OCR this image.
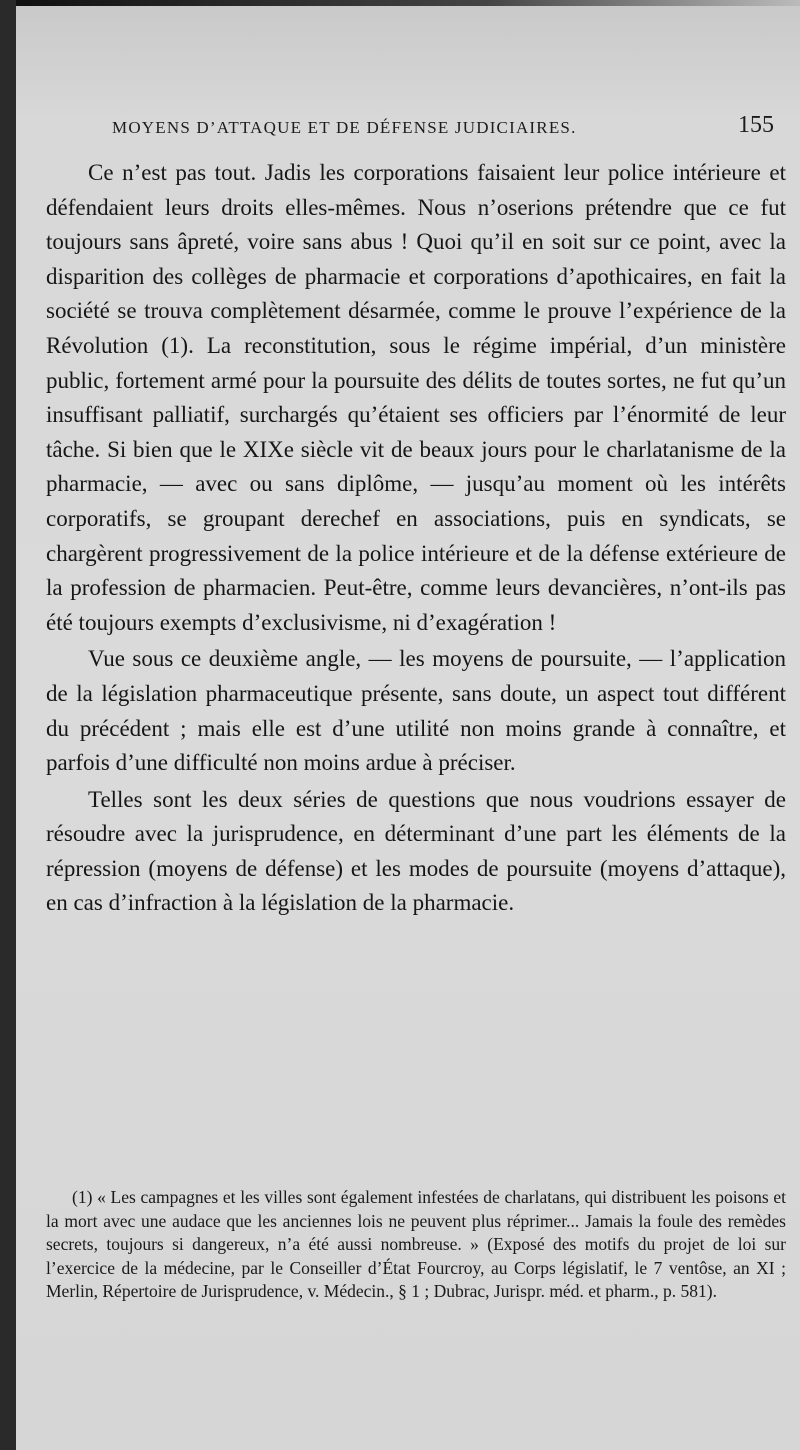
MOYENS D’ATTAQUE ET DE DÉFENSE JUDICIAIRES.	155

Ce n’est pas tout. Jadis les corporations faisaient leur police intérieure et défendaient leurs droits elles-mêmes. Nous n’oserions prétendre que ce fut toujours sans âpreté, voire sans abus ! Quoi qu’il en soit sur ce point, avec la disparition des collèges de pharmacie et corporations d’apothicaires, en fait la société se trouva complètement désarmée, comme le prouve l’expérience de la Révolution (1). La reconstitution, sous le régime impérial, d’un ministère public, fortement armé pour la poursuite des délits de toutes sortes, ne fut qu’un insuffisant palliatif, surchargés qu’étaient ses officiers par l’énormité de leur tâche. Si bien que le XIXe siècle vit de beaux jours pour le charlatanisme de la pharmacie, — avec ou sans diplôme, — jusqu’au moment où les intérêts corporatifs, se groupant derechef en associations, puis en syndicats, se chargèrent progressivement de la police intérieure et de la défense extérieure de la profession de pharmacien. Peut-être, comme leurs devancières, n’ont-ils pas été toujours exempts d’exclusivisme, ni d’exagération !

Vue sous ce deuxième angle, — les moyens de poursuite, — l’application de la législation pharmaceutique présente, sans doute, un aspect tout différent du précédent ; mais elle est d’une utilité non moins grande à connaître, et parfois d’une difficulté non moins ardue à préciser.

Telles sont les deux séries de questions que nous voudrions essayer de résoudre avec la jurisprudence, en déterminant d’une part les éléments de la répression (moyens de défense) et les modes de poursuite (moyens d’attaque), en cas d’infraction à la législation de la pharmacie.

(1) « Les campagnes et les villes sont également infestées de charlatans, qui distribuent les poisons et la mort avec une audace que les anciennes lois ne peuvent plus réprimer... Jamais la foule des remèdes secrets, toujours si dangereux, n’a été aussi nombreuse. » (Exposé des motifs du projet de loi sur l’exercice de la médecine, par le Conseiller d’État Fourcroy, au Corps législatif, le 7 ventôse, an XI ; Merlin, Répertoire de Jurisprudence, v. Médecin., § 1 ; Dubrac, Jurispr. méd. et pharm., p. 581).
